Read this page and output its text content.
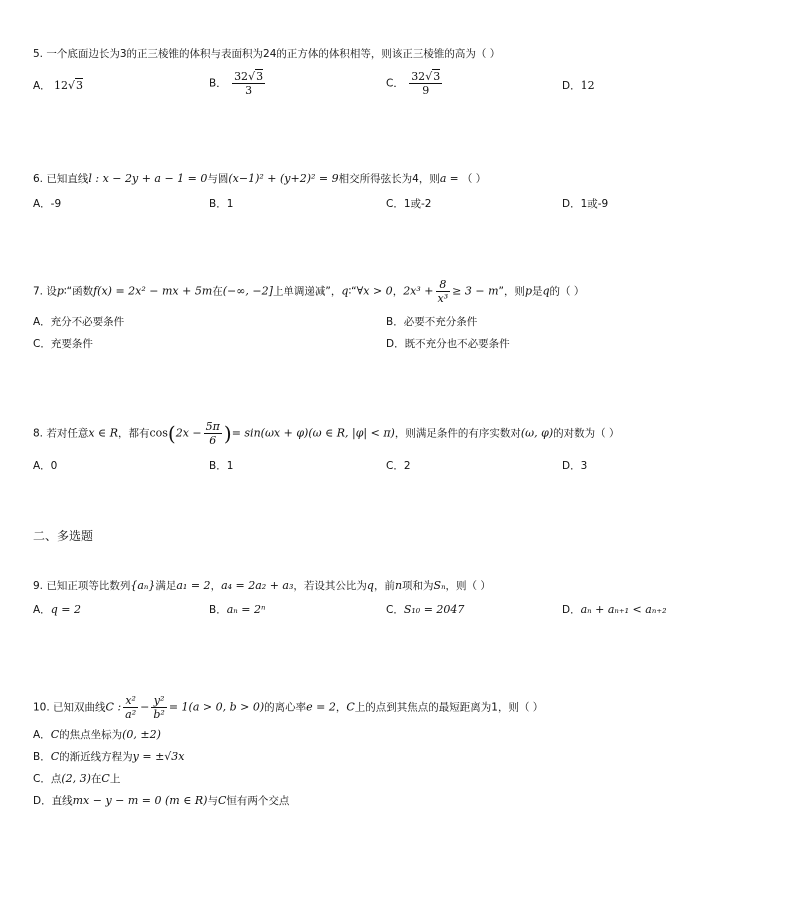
5. 一个底面边长为3的正三棱锥的体积与表面积为24的正方体的体积相等，则该正三棱锥的高为（ ）
A． 12√3	B． $\frac{32√3}{3}$	C． $\frac{32√3}{9}$	D．12
6. 已知直线l : x − 2y + a − 1 = 0与圆(x−1)² + (y+2)² = 9相交所得弦长为4，则a = （ ）
A．-9	B．1	C．1或-2	D．1或-9
7. 设p∶“函数f(x) = 2x² − mx + 5m在(−∞, −2]上单调递减”，q∶“∀x > 0，$2x^3 + \frac{8}{\text{x³}} \ge 3 - m$”，则p是q的（ ）
A．充分不必要条件	B．必要不充分条件
C．充要条件	D．既不充分也不必要条件
8. 若对任意x ∈ R，都有$\cos(2x - \frac{5\pi}{6}$ )= sin(ωx + φ)(ω ∈ R, |φ| < π)，则满足条件的有序实数对(ω, φ)的对数为（ ）
A．0	B．1	C．2	D．3
二、多选题
9. 已知正项等比数列{aₙ}满足a₁ = 2，a₄ = 2a₂ + a₃，若设其公比为q，前n项和为Sₙ，则（ ）
A．q = 2	B．aₙ = 2ⁿ	C．S₁₀ = 2047	D．aₙ + aₙ₊₁ < aₙ₊₂
10. 已知双曲线C : $\frac{\text{x²}}{\text{a²}} - \frac{\text{y²}}{\text{b²}} = 1(a > 0$, b > 0)的离心率e = 2，C上的点到其焦点的最短距离为1，则（ ）
A．C的焦点坐标为(0, ±2)
B．C的渐近线方程为y = ±√3x
C．点(2, 3)在C上
D．直线mx − y − m = 0 (m ∈ R)与C恒有两个交点
